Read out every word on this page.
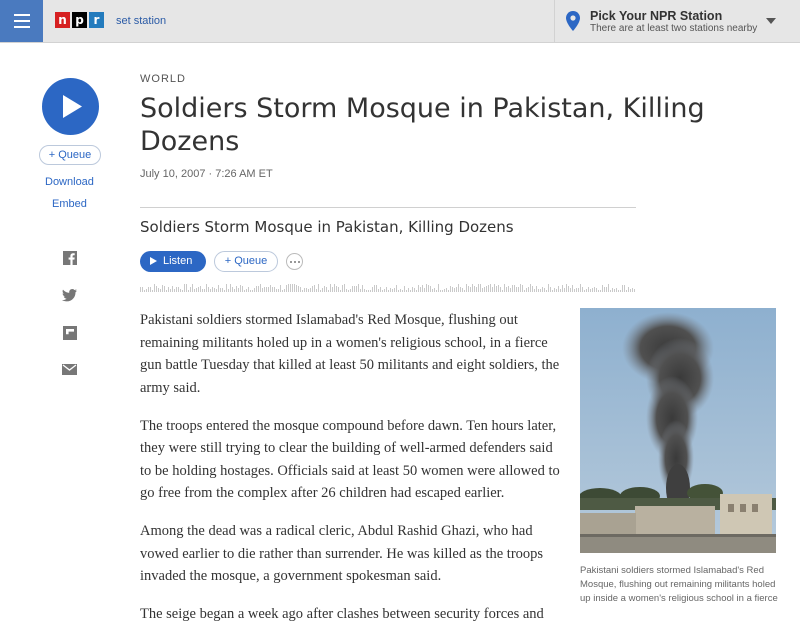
n p r	set station	Pick Your NPR Station
There are at least two stations nearby
+ Queue
Download
Embed
WORLD
Soldiers Storm Mosque in Pakistan, Killing Dozens
July 10, 2007 · 7:26 AM ET
Soldiers Storm Mosque in Pakistan, Killing Dozens
Listen	+ Queue

Pakistani soldiers stormed Islamabad's Red Mosque, flushing out remaining militants holed up in a women's religious school, in a fierce gun battle Tuesday that killed at least 50 militants and eight soldiers, the army said.

The troops entered the mosque compound before dawn. Ten hours later, they were still trying to clear the building of well-armed defenders said to be holding hostages. Officials said at least 50 women were allowed to go free from the complex after 26 children had escaped earlier.

Among the dead was a radical cleric, Abdul Rashid Ghazi, who had vowed earlier to die rather than surrender. He was killed as the troops invaded the mosque, a government spokesman said.

The seige began a week ago after clashes between security forces and

Pakistani soldiers stormed Islamabad's Red Mosque, flushing out remaining militants holed up inside a women's religious school in a fierce
